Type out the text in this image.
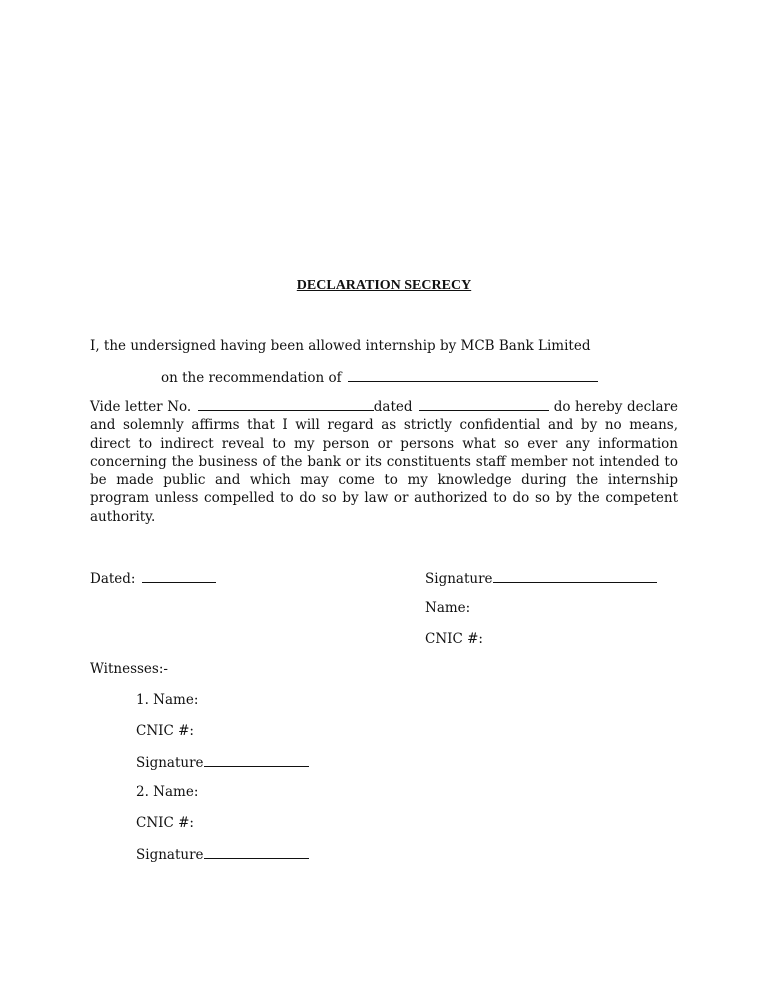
DECLARATION SECRECY
I, the undersigned having been allowed internship by MCB Bank Limited
on the recommendation of
Vide letter No.	dated	do hereby declare and solemnly affirms that I will regard as strictly confidential and by no means, direct to indirect reveal to my person or persons what so ever any information concerning the business of the bank or its constituents staff member not intended to be made public and which may come to my knowledge during the internship program unless compelled to do so by law or authorized to do so by the competent authority.
Dated:	Signature
Name:
CNIC #:
Witnesses:-
1. Name:
CNIC #:
Signature
2. Name:
CNIC #:
Signature
